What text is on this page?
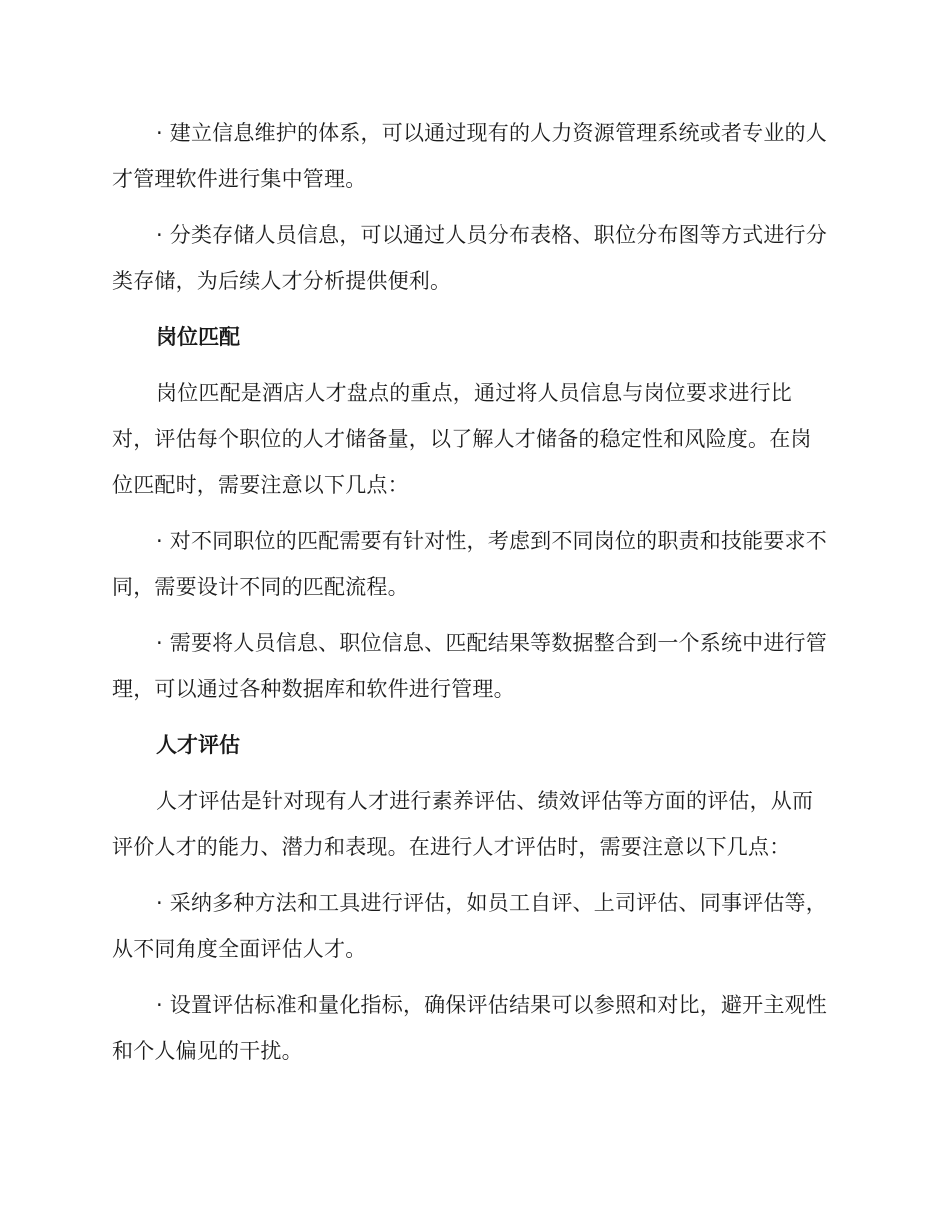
· 建立信息维护的体系，可以通过现有的人力资源管理系统或者专业的人才管理软件进行集中管理。

· 分类存储人员信息，可以通过人员分布表格、职位分布图等方式进行分类存储，为后续人才分析提供便利。

岗位匹配

岗位匹配是酒店人才盘点的重点，通过将人员信息与岗位要求进行比对，评估每个职位的人才储备量，以了解人才储备的稳定性和风险度。在岗位匹配时，需要注意以下几点：

· 对不同职位的匹配需要有针对性，考虑到不同岗位的职责和技能要求不同，需要设计不同的匹配流程。

· 需要将人员信息、职位信息、匹配结果等数据整合到一个系统中进行管理，可以通过各种数据库和软件进行管理。

人才评估

人才评估是针对现有人才进行素养评估、绩效评估等方面的评估，从而评价人才的能力、潜力和表现。在进行人才评估时，需要注意以下几点：

· 采纳多种方法和工具进行评估，如员工自评、上司评估、同事评估等，从不同角度全面评估人才。

· 设置评估标准和量化指标，确保评估结果可以参照和对比，避开主观性和个人偏见的干扰。
